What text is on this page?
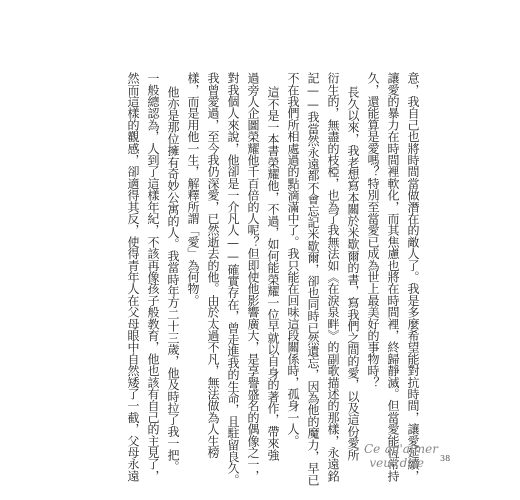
意，我自己也將時間當做潛在的敵人了。我是多麼希望能對抗時間，讓愛延續，
讓愛的暴力在時間裡軟化，而其焦慮也將在時間裡，終歸靜滅。但當愛能恆常持
久，還能算是愛嗎？特別至當愛已成為世上最美好的事物時？
長久以來，我老想寫本關於米歇爾的書，寫我們之間的愛，以及這份愛所
衍生的，無盡的枝椏，也為了我無法如《在淚泉畔》的副歌描述的那樣，永遠銘
記——我當然永遠都不會忘記米歇爾，卻也同時已然遺忘，因為他的魔力，早已
不在我們所相處過的點滴滿中了。我只能在回味這段關係時，孤身一人。
這不是一本書榮耀他，不過，如何能榮耀一位早就以自身的著作，帶來強
過旁人企圖榮耀他千百倍的人呢？但即使他影響廣大，是享譽盛名的偶像之一，
對我個人來說，他卻是一介凡人——確實存在，曾走進我的生命，且駐留良久。
我曾愛過，至今我仍深愛，已然逝去的他。由於太過不凡，無法做為人生榜
樣，而是用他一生，解釋所謂「愛」為何物。
他亦是那位擁有奇妙公寓的人。我當時年方二十三歲，他及時拉了我一把。
一般總認為，人到了這樣年紀，不該再像孩子般教育，他也該有自己的主見了，
然而這樣的觀感，卻適得其反，使得青年人在父母眼中自然矮了一截，父母永遠	Ce qu'aimer
veut dire 38
